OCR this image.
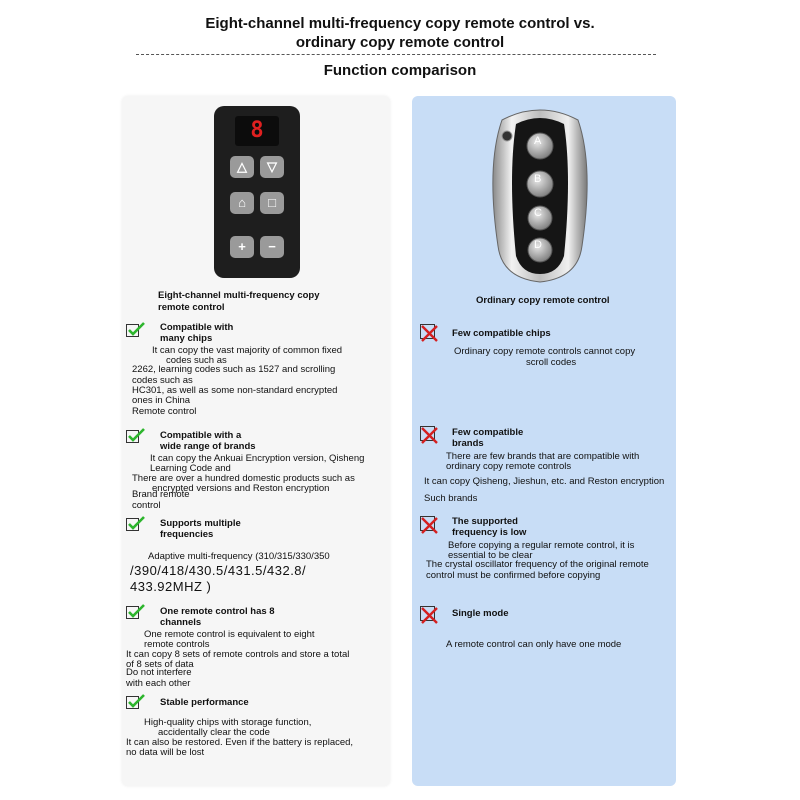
Eight-channel multi-frequency copy remote control vs.
ordinary copy remote control
Function comparison
8
△	▽
⌂	□
+	−
Eight-channel multi-frequency copy
remote control
Compatible with
many chips
It can copy the vast majority of common fixed
codes such as
2262, learning codes such as 1527 and scrolling
codes such as
HC301, as well as some non-standard encrypted
ones in China
Remote control
Compatible with a
wide range of brands
It can copy the Ankuai Encryption version, Qisheng
Learning Code and
There are over a hundred domestic products such as
encrypted versions and Reston encryption
Brand remote
control
Supports multiple
frequencies
Adaptive multi-frequency (310/315/330/350
/390/418/430.5/431.5/432.8/
433.92MHZ )
One remote control has 8
channels
One remote control is equivalent to eight
remote controls
It can copy 8 sets of remote controls and store a total
of 8 sets of data
Do not interfere
with each other
Stable performance
High-quality chips with storage function,
accidentally clear the code
It can also be restored. Even if the battery is replaced,
no data will be lost
A
B
C
D
Ordinary copy remote control
Few compatible chips
Ordinary copy remote controls cannot copy
scroll codes
Few compatible
brands
There are few brands that are compatible with
ordinary copy remote controls
It can copy Qisheng, Jieshun, etc. and Reston encryption
Such brands
The supported
frequency is low
Before copying a regular remote control, it is
essential to be clear
The crystal oscillator frequency of the original remote
control must be confirmed before copying
Single mode
A remote control can only have one mode
